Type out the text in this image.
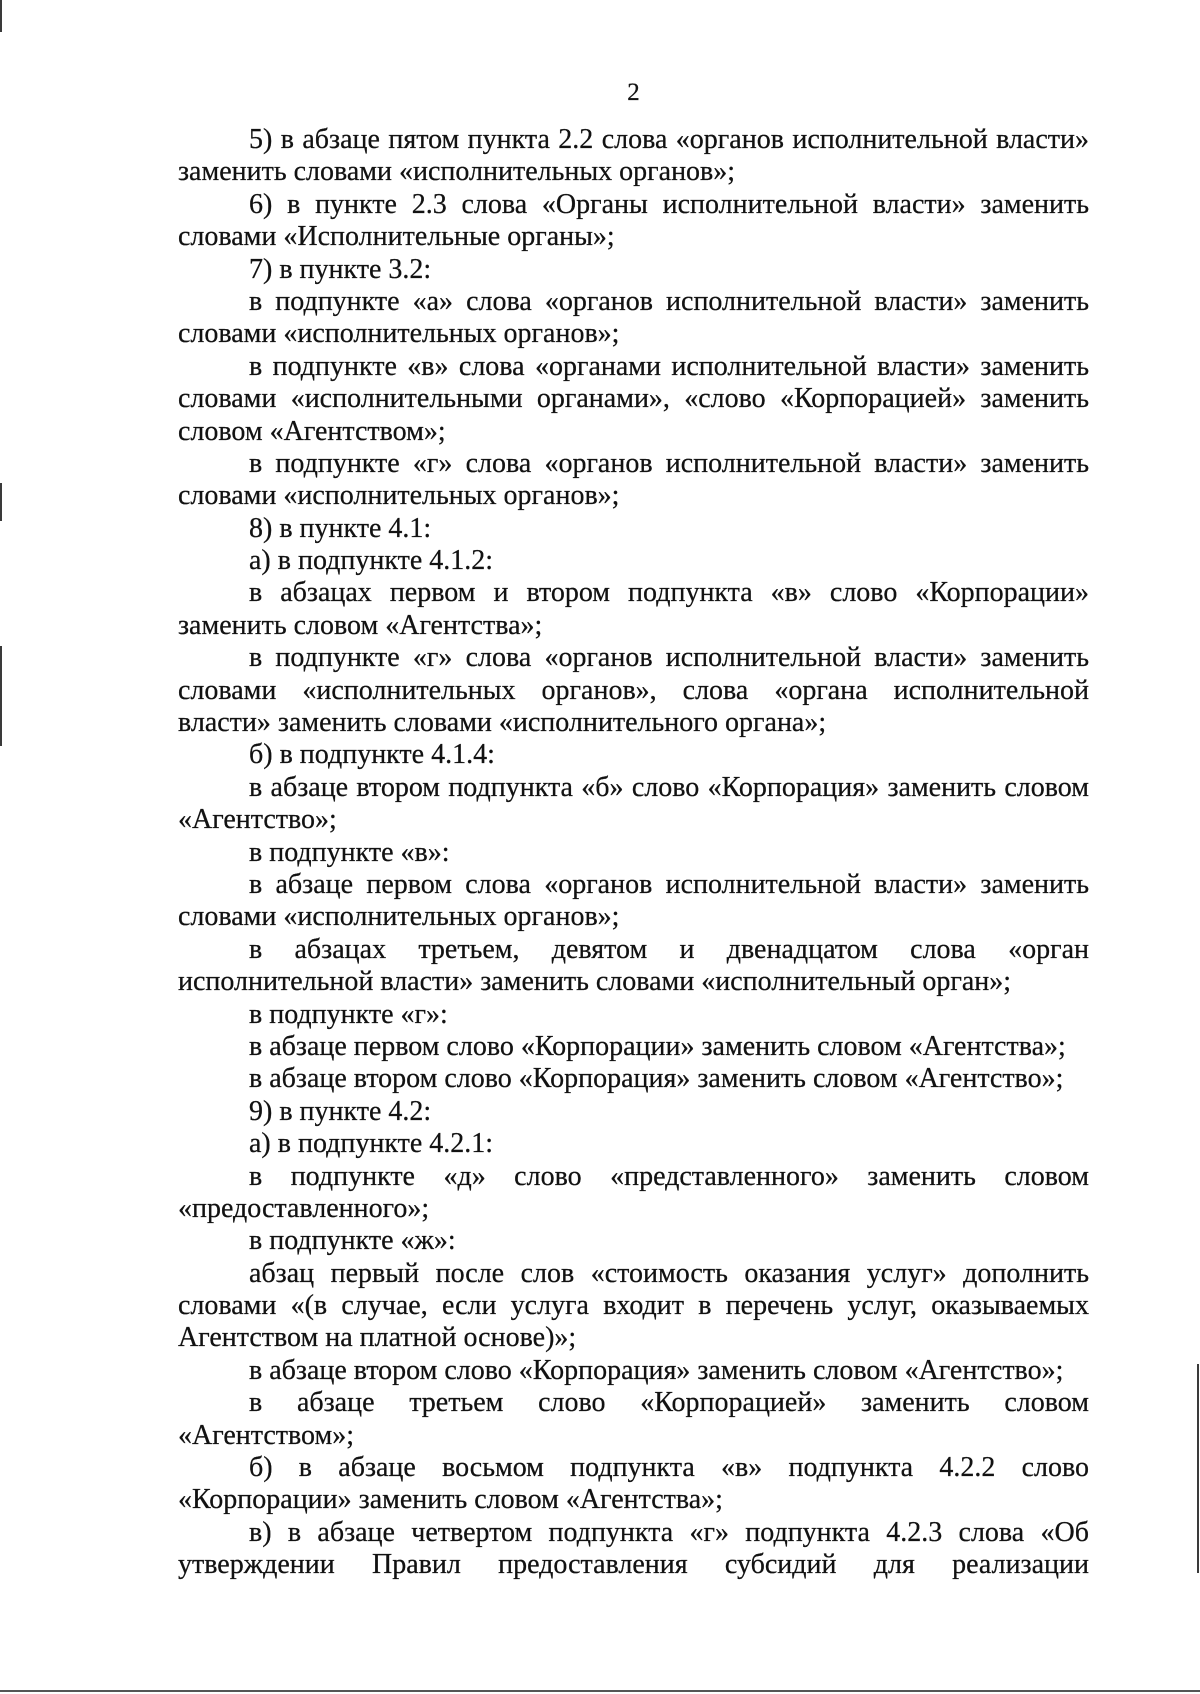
2
5) в абзаце пятом пункта 2.2 слова «органов исполнительной власти»
заменить словами «исполнительных органов»;
6) в пункте 2.3 слова «Органы исполнительной власти» заменить
словами «Исполнительные органы»;
7) в пункте 3.2:
в подпункте «а» слова «органов исполнительной власти» заменить
словами «исполнительных органов»;
в подпункте «в» слова «органами исполнительной власти» заменить
словами «исполнительными органами», «слово «Корпорацией» заменить
словом «Агентством»;
в подпункте «г» слова «органов исполнительной власти» заменить
словами «исполнительных органов»;
8) в пункте 4.1:
а) в подпункте 4.1.2:
в абзацах первом и втором подпункта «в» слово «Корпорации»
заменить словом «Агентства»;
в подпункте «г» слова «органов исполнительной власти» заменить
словами «исполнительных органов», слова «органа исполнительной
власти» заменить словами «исполнительного органа»;
б) в подпункте 4.1.4:
в абзаце втором подпункта «б» слово «Корпорация» заменить словом
«Агентство»;
в подпункте «в»:
в абзаце первом слова «органов исполнительной власти» заменить
словами «исполнительных органов»;
в абзацах третьем, девятом и двенадцатом слова «орган
исполнительной власти» заменить словами «исполнительный орган»;
в подпункте «г»:
в абзаце первом слово «Корпорации» заменить словом «Агентства»;
в абзаце втором слово «Корпорация» заменить словом «Агентство»;
9) в пункте 4.2:
а) в подпункте 4.2.1:
в подпункте «д» слово «представленного» заменить словом
«предоставленного»;
в подпункте «ж»:
абзац первый после слов «стоимость оказания услуг» дополнить
словами «(в случае, если услуга входит в перечень услуг, оказываемых
Агентством на платной основе)»;
в абзаце втором слово «Корпорация» заменить словом «Агентство»;
в абзаце третьем слово «Корпорацией» заменить словом
«Агентством»;
б) в абзаце восьмом подпункта «в» подпункта 4.2.2 слово
«Корпорации» заменить словом «Агентства»;
в) в абзаце четвертом подпункта «г» подпункта 4.2.3 слова «Об
утверждении Правил предоставления субсидий для реализации
